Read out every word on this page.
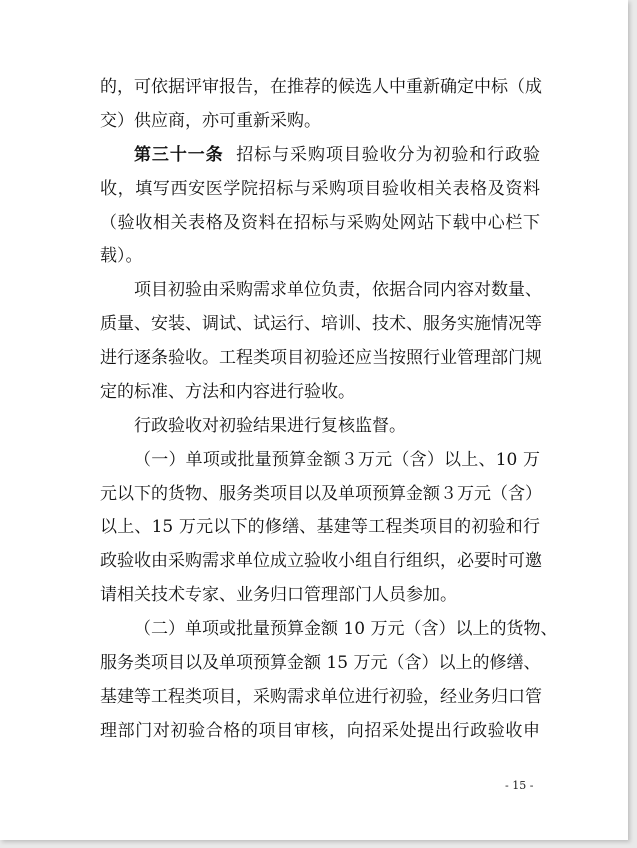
的，可依据评审报告，在推荐的候选人中重新确定中标（成
交）供应商，亦可重新采购。
第三十一条 招标与采购项目验收分为初验和行政验
收，填写西安医学院招标与采购项目验收相关表格及资料
（验收相关表格及资料在招标与采购处网站下载中心栏下
载）。
项目初验由采购需求单位负责，依据合同内容对数量、
质量、安装、调试、试运行、培训、技术、服务实施情况等
进行逐条验收。工程类项目初验还应当按照行业管理部门规
定的标准、方法和内容进行验收。
行政验收对初验结果进行复核监督。
（一）单项或批量预算金额３万元（含）以上、10 万
元以下的货物、服务类项目以及单项预算金额３万元（含）
以上、15 万元以下的修缮、基建等工程类项目的初验和行
政验收由采购需求单位成立验收小组自行组织，必要时可邀
请相关技术专家、业务归口管理部门人员参加。
（二）单项或批量预算金额 10 万元（含）以上的货物、
服务类项目以及单项预算金额 15 万元（含）以上的修缮、
基建等工程类项目，采购需求单位进行初验，经业务归口管
理部门对初验合格的项目审核，向招采处提出行政验收申
- 15 -
